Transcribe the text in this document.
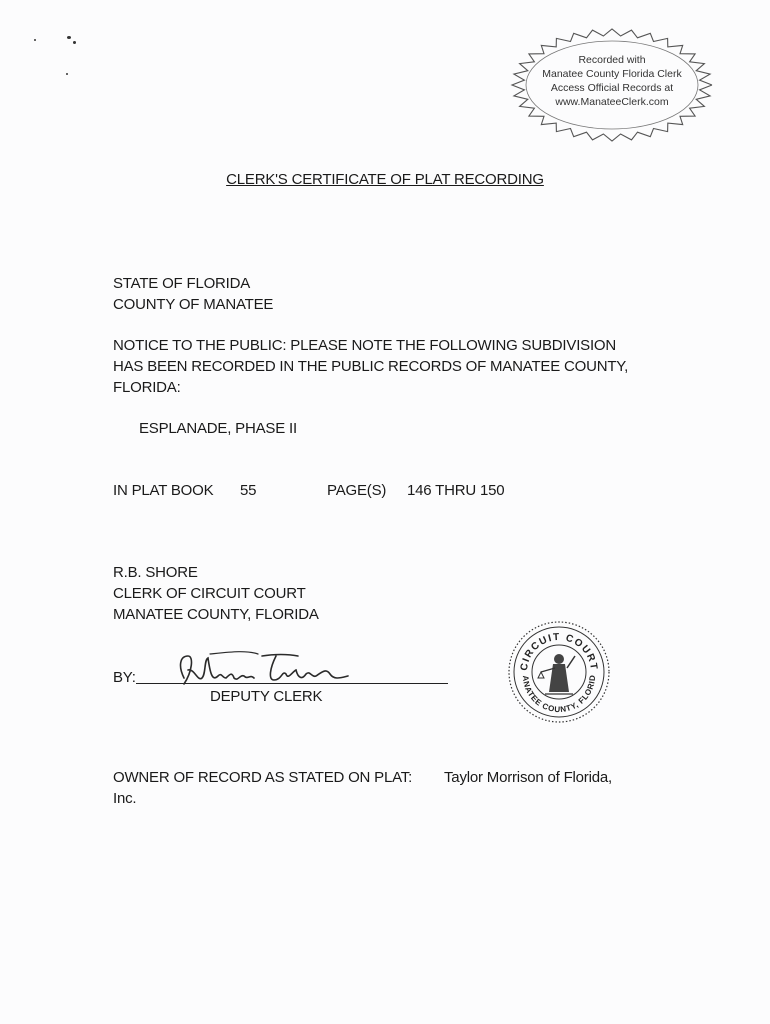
Recorded with
Manatee County Florida Clerk
Access Official Records at
www.ManateeClerk.com
CLERK'S CERTIFICATE OF PLAT RECORDING
STATE OF FLORIDA
COUNTY OF MANATEE
NOTICE TO THE PUBLIC: PLEASE NOTE THE FOLLOWING SUBDIVISION
HAS BEEN RECORDED IN THE PUBLIC RECORDS OF MANATEE COUNTY,
FLORIDA:
ESPLANADE, PHASE II
IN PLAT BOOK 55	PAGE(S) 146 THRU 150
R.B. SHORE
CLERK OF CIRCUIT COURT
MANATEE COUNTY, FLORIDA
BY:
DEPUTY CLERK
CIRCUIT COURT
ANATEE COUNTY, FLORID
OWNER OF RECORD AS STATED ON PLAT: Taylor Morrison of Florida,
Inc.
